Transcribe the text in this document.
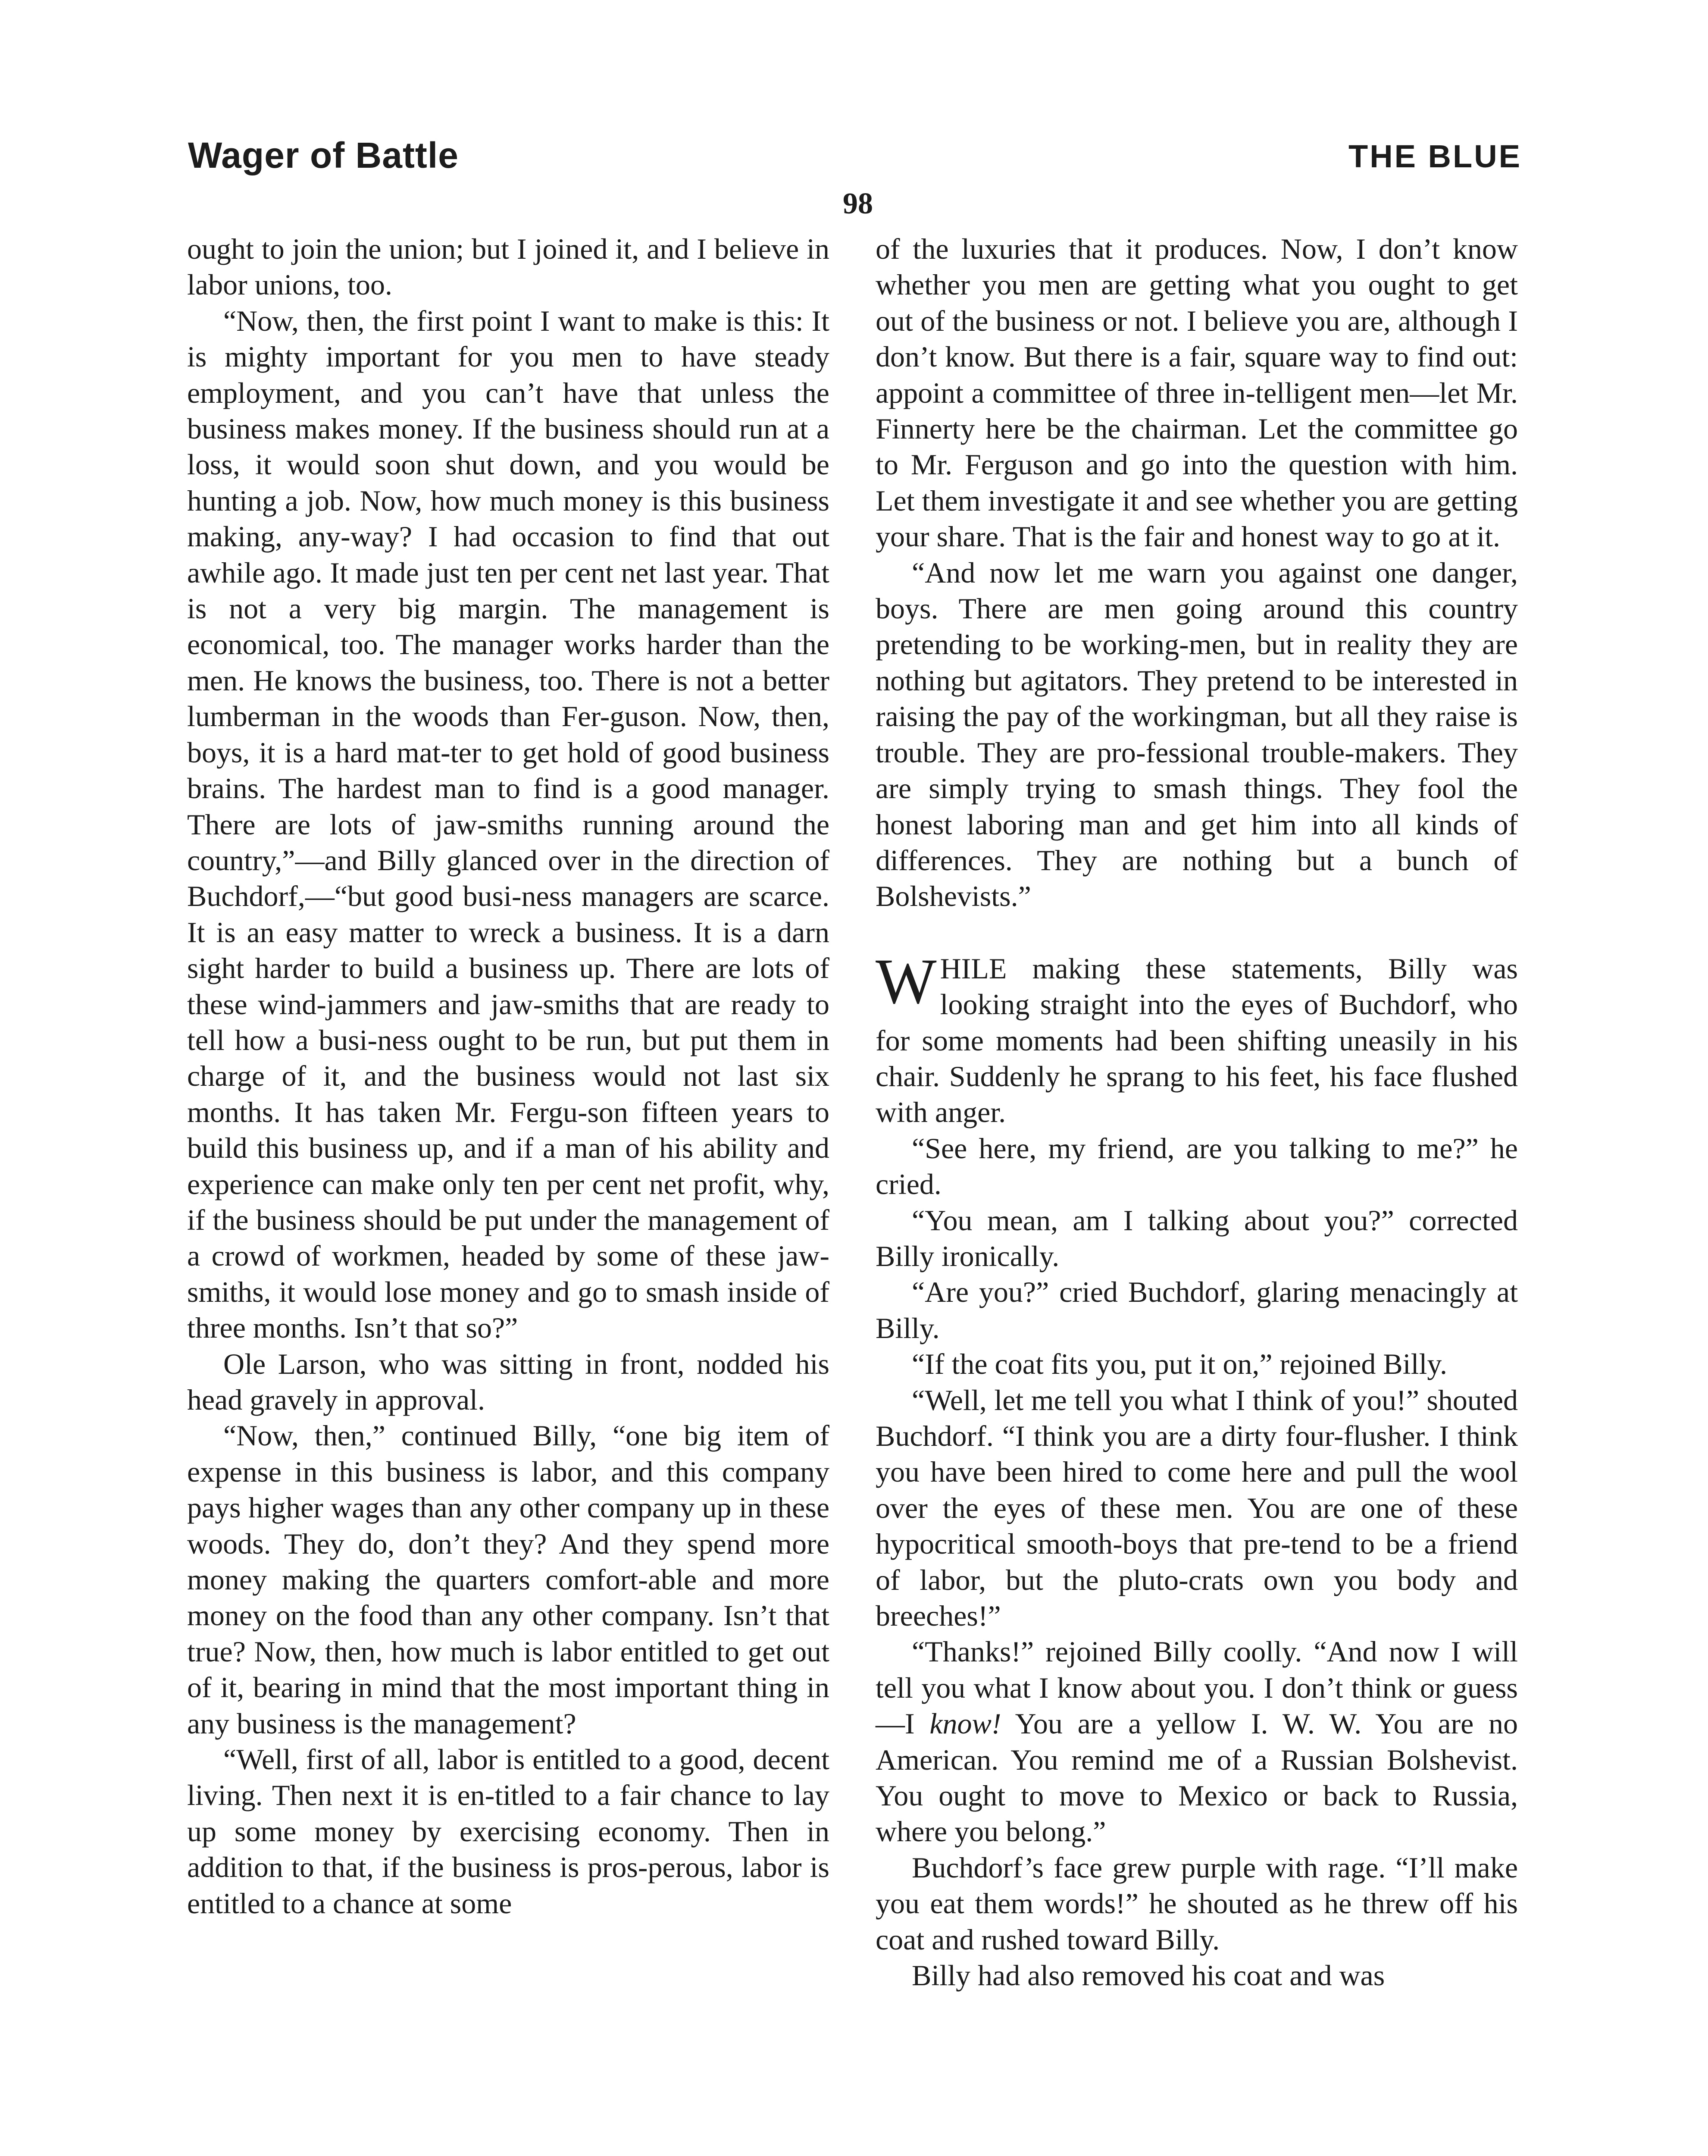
Wager of Battle	THE BLUE
98

ought to join the union; but I joined it, and I believe in labor unions, too.

“Now, then, the first point I want to make is this: It is mighty important for you men to have steady employment, and you can’t have that unless the business makes money. If the business should run at a loss, it would soon shut down, and you would be hunting a job. Now, how much money is this business making, any-way? I had occasion to find that out awhile ago. It made just ten per cent net last year. That is not a very big margin. The management is economical, too. The manager works harder than the men. He knows the business, too. There is not a better lumberman in the woods than Fer-guson. Now, then, boys, it is a hard mat-ter to get hold of good business brains. The hardest man to find is a good manager. There are lots of jaw-smiths running around the country,”—and Billy glanced over in the direction of Buchdorf,—“but good busi-ness managers are scarce. It is an easy matter to wreck a business. It is a darn sight harder to build a business up. There are lots of these wind-jammers and jaw-smiths that are ready to tell how a busi-ness ought to be run, but put them in charge of it, and the business would not last six months. It has taken Mr. Fergu-son fifteen years to build this business up, and if a man of his ability and experience can make only ten per cent net profit, why, if the business should be put under the management of a crowd of workmen, headed by some of these jaw-smiths, it would lose money and go to smash inside of three months. Isn’t that so?”

Ole Larson, who was sitting in front, nodded his head gravely in approval.

“Now, then,” continued Billy, “one big item of expense in this business is labor, and this company pays higher wages than any other company up in these woods. They do, don’t they? And they spend more money making the quarters comfort-able and more money on the food than any other company. Isn’t that true? Now, then, how much is labor entitled to get out of it, bearing in mind that the most important thing in any business is the management?

“Well, first of all, labor is entitled to a good, decent living. Then next it is en-titled to a fair chance to lay up some money by exercising economy. Then in addition to that, if the business is pros-perous, labor is entitled to a chance at some

of the luxuries that it produces. Now, I don’t know whether you men are getting what you ought to get out of the business or not. I believe you are, although I don’t know. But there is a fair, square way to find out: appoint a committee of three in-telligent men—let Mr. Finnerty here be the chairman. Let the committee go to Mr. Ferguson and go into the question with him. Let them investigate it and see whether you are getting your share. That is the fair and honest way to go at it.

“And now let me warn you against one danger, boys. There are men going around this country pretending to be working-men, but in reality they are nothing but agitators. They pretend to be interested in raising the pay of the workingman, but all they raise is trouble. They are pro-fessional trouble-makers. They are simply trying to smash things. They fool the honest laboring man and get him into all kinds of differences. They are nothing but a bunch of Bolshevists.”

WHILE making these statements, Billy was looking straight into the eyes of Buchdorf, who for some moments had been shifting uneasily in his chair. Suddenly he sprang to his feet, his face flushed with anger.

“See here, my friend, are you talking to me?” he cried.

“You mean, am I talking about you?” corrected Billy ironically.

“Are you?” cried Buchdorf, glaring menacingly at Billy.

“If the coat fits you, put it on,” rejoined Billy.

“Well, let me tell you what I think of you!” shouted Buchdorf. “I think you are a dirty four-flusher. I think you have been hired to come here and pull the wool over the eyes of these men. You are one of these hypocritical smooth-boys that pre-tend to be a friend of labor, but the pluto-crats own you body and breeches!”

“Thanks!” rejoined Billy coolly. “And now I will tell you what I know about you. I don’t think or guess—I know! You are a yellow I. W. W. You are no American. You remind me of a Russian Bolshevist. You ought to move to Mexico or back to Russia, where you belong.”

Buchdorf’s face grew purple with rage. “I’ll make you eat them words!” he shouted as he threw off his coat and rushed toward Billy.

Billy had also removed his coat and was
